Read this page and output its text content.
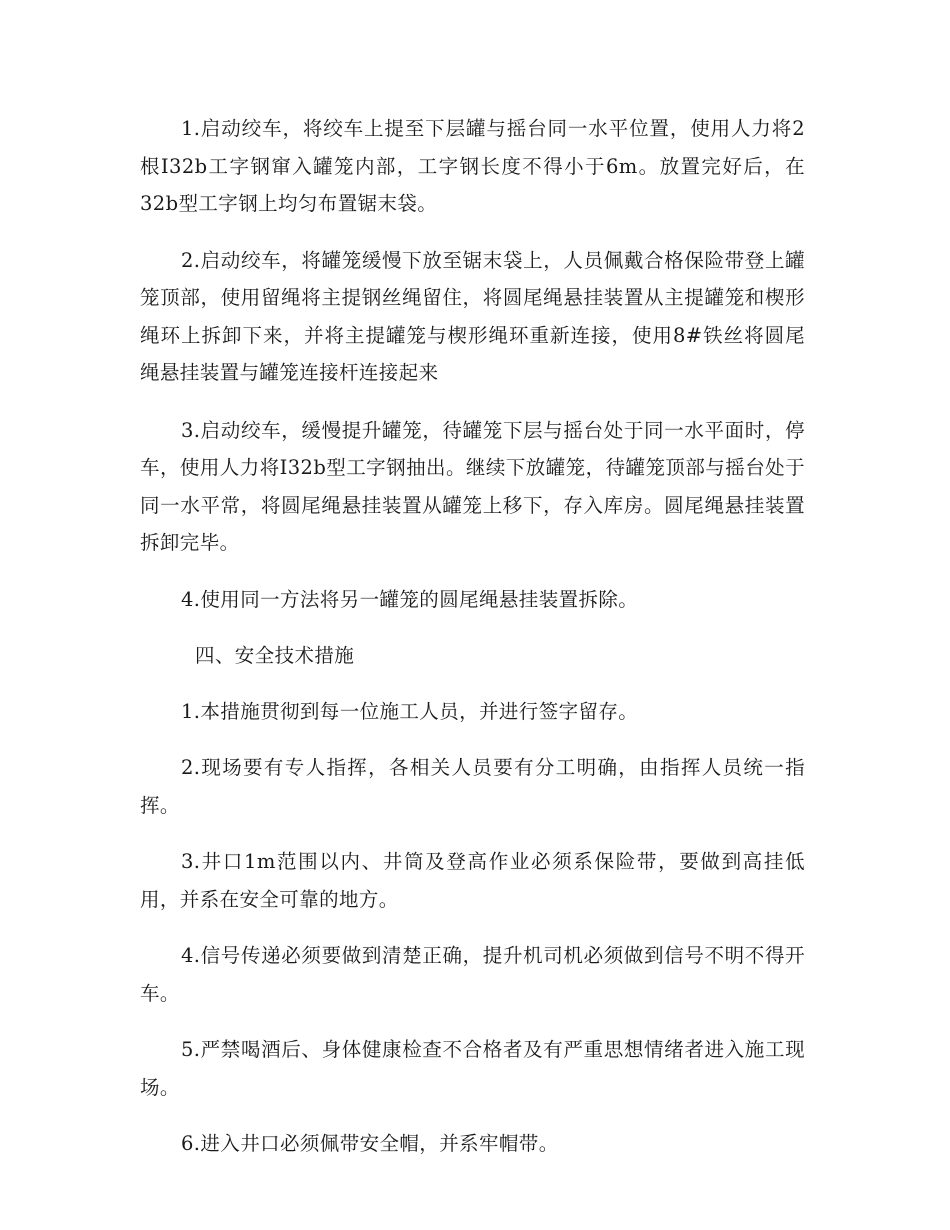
1.启动绞车，将绞车上提至下层罐与摇台同一水平位置，使用人力将2根I32b工字钢窜入罐笼内部，工字钢长度不得小于6m。放置完好后，在32b型工字钢上均匀布置锯末袋。

2.启动绞车，将罐笼缓慢下放至锯末袋上，人员佩戴合格保险带登上罐笼顶部，使用留绳将主提钢丝绳留住，将圆尾绳悬挂装置从主提罐笼和楔形绳环上拆卸下来，并将主提罐笼与楔形绳环重新连接，使用8#铁丝将圆尾绳悬挂装置与罐笼连接杆连接起来

3.启动绞车，缓慢提升罐笼，待罐笼下层与摇台处于同一水平面时，停车，使用人力将I32b型工字钢抽出。继续下放罐笼，待罐笼顶部与摇台处于同一水平常，将圆尾绳悬挂装置从罐笼上移下，存入库房。圆尾绳悬挂装置拆卸完毕。

4.使用同一方法将另一罐笼的圆尾绳悬挂装置拆除。

四、安全技术措施

1.本措施贯彻到每一位施工人员，并进行签字留存。

2.现场要有专人指挥，各相关人员要有分工明确，由指挥人员统一指挥。

3.井口1m范围以内、井筒及登高作业必须系保险带，要做到高挂低用，并系在安全可靠的地方。

4.信号传递必须要做到清楚正确，提升机司机必须做到信号不明不得开车。

5.严禁喝酒后、身体健康检查不合格者及有严重思想情绪者进入施工现场。

6.进入井口必须佩带安全帽，并系牢帽带。
